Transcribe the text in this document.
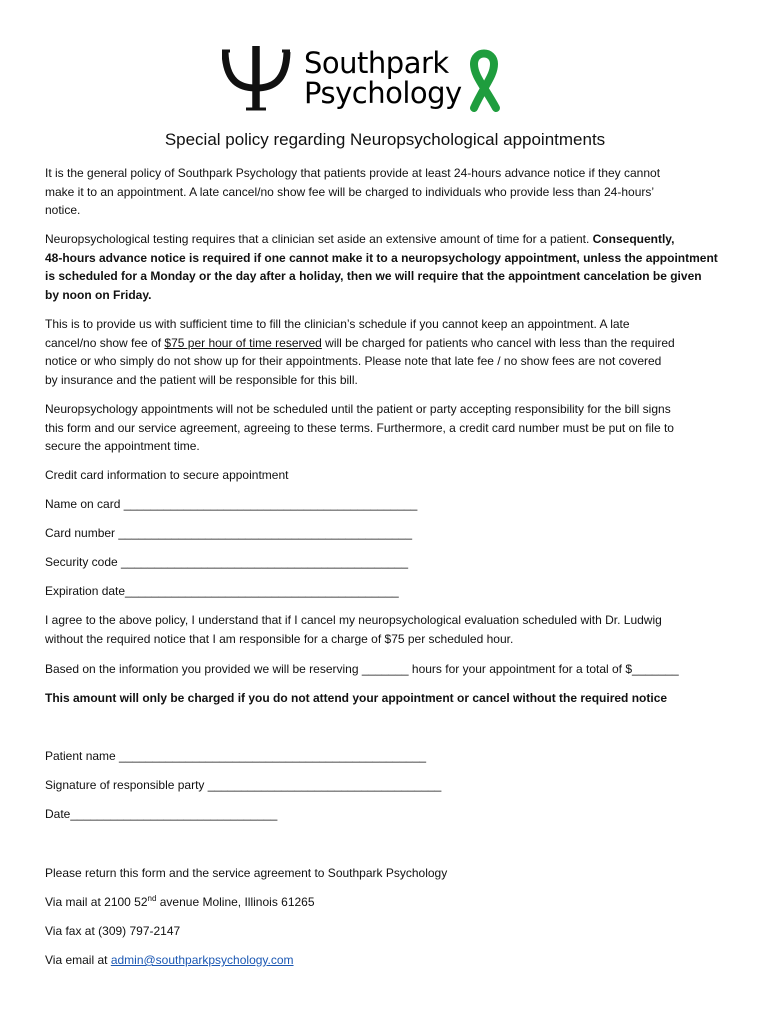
Southpark
Psychology
Special policy regarding Neuropsychological appointments
It is the general policy of Southpark Psychology that patients provide at least 24-hours advance notice if they cannot
make it to an appointment. A late cancel/no show fee will be charged to individuals who provide less than 24-hours’
notice.
Neuropsychological testing requires that a clinician set aside an extensive amount of time for a patient. Consequently,
48-hours advance notice is required if one cannot make it to a neuropsychology appointment, unless the appointment
is scheduled for a Monday or the day after a holiday, then we will require that the appointment cancelation be given
by noon on Friday.
This is to provide us with sufficient time to fill the clinician’s schedule if you cannot keep an appointment. A late
cancel/no show fee of $75 per hour of time reserved will be charged for patients who cancel with less than the required
notice or who simply do not show up for their appointments. Please note that late fee / no show fees are not covered
by insurance and the patient will be responsible for this bill.
Neuropsychology appointments will not be scheduled until the patient or party accepting responsibility for the bill signs
this form and our service agreement, agreeing to these terms. Furthermore, a credit card number must be put on file to
secure the appointment time.
Credit card information to secure appointment
Name on card ____________________________________________
Card number ____________________________________________
Security code ___________________________________________
Expiration date_________________________________________
I agree to the above policy, I understand that if I cancel my neuropsychological evaluation scheduled with Dr. Ludwig
without the required notice that I am responsible for a charge of $75 per scheduled hour.
Based on the information you provided we will be reserving _______ hours for your appointment for a total of $_______
This amount will only be charged if you do not attend your appointment or cancel without the required notice
Patient name ______________________________________________
Signature of responsible party ___________________________________
Date_______________________________
Please return this form and the service agreement to Southpark Psychology
Via mail at 2100 52nd avenue Moline, Illinois 61265
Via fax at (309) 797-2147
Via email at admin@southparkpsychology.com
